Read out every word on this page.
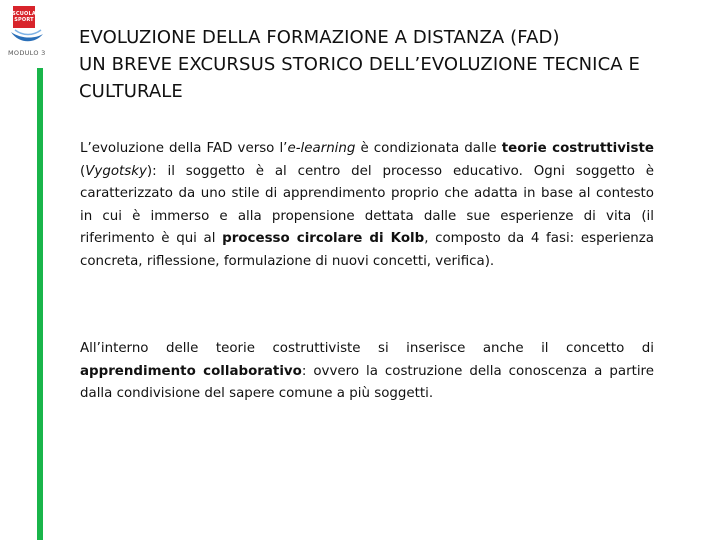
SCUOLA
SPORT
MODULO 3
EVOLUZIONE DELLA FORMAZIONE A DISTANZA (FAD)
UN BREVE EXCURSUS STORICO DELL’EVOLUZIONE TECNICA E
CULTURALE

L’evoluzione della FAD verso l’e-learning è condizionata dalle teorie costruttiviste (Vygotsky): il soggetto è al centro del processo educativo. Ogni soggetto è caratterizzato da uno stile di apprendimento proprio che adatta in base al contesto in cui è immerso e alla propensione dettata dalle sue esperienze di vita (il riferimento è qui al processo circolare di Kolb, composto da 4 fasi: esperienza concreta, riflessione, formulazione di nuovi concetti, verifica).

All’interno delle teorie costruttiviste si inserisce anche il concetto di apprendimento collaborativo: ovvero la costruzione della conoscenza a partire dalla condivisione del sapere comune a più soggetti.
